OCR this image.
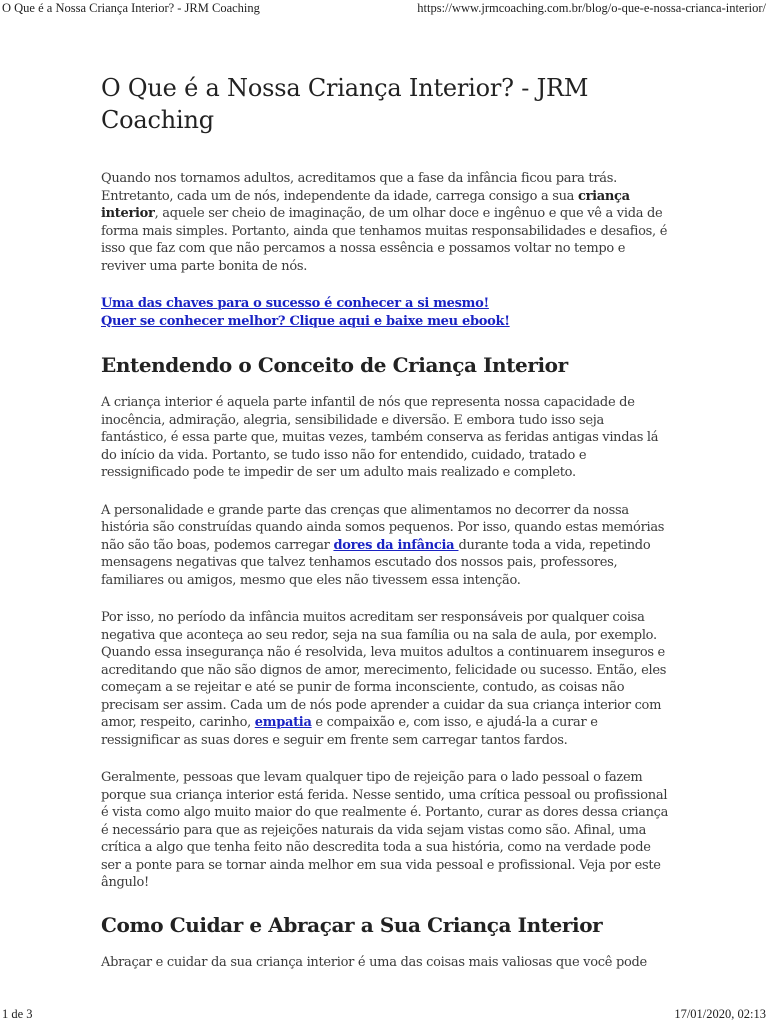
O Que é a Nossa Criança Interior? - JRM Coaching	https://www.jrmcoaching.com.br/blog/o-que-e-nossa-crianca-interior/
O Que é a Nossa Criança Interior? - JRM Coaching

Quando nos tornamos adultos, acreditamos que a fase da infância ficou para trás. Entretanto, cada um de nós, independente da idade, carrega consigo a sua criança interior, aquele ser cheio de imaginação, de um olhar doce e ingênuo e que vê a vida de forma mais simples. Portanto, ainda que tenhamos muitas responsabilidades e desafios, é isso que faz com que não percamos a nossa essência e possamos voltar no tempo e reviver uma parte bonita de nós.

Uma das chaves para o sucesso é conhecer a si mesmo!
Quer se conhecer melhor? Clique aqui e baixe meu ebook!

Entendendo o Conceito de Criança Interior

A criança interior é aquela parte infantil de nós que representa nossa capacidade de inocência, admiração, alegria, sensibilidade e diversão. E embora tudo isso seja fantástico, é essa parte que, muitas vezes, também conserva as feridas antigas vindas lá do início da vida. Portanto, se tudo isso não for entendido, cuidado, tratado e ressignificado pode te impedir de ser um adulto mais realizado e completo.

A personalidade e grande parte das crenças que alimentamos no decorrer da nossa história são construídas quando ainda somos pequenos. Por isso, quando estas memórias não são tão boas, podemos carregar dores da infância durante toda a vida, repetindo mensagens negativas que talvez tenhamos escutado dos nossos pais, professores, familiares ou amigos, mesmo que eles não tivessem essa intenção.

Por isso, no período da infância muitos acreditam ser responsáveis por qualquer coisa negativa que aconteça ao seu redor, seja na sua família ou na sala de aula, por exemplo. Quando essa insegurança não é resolvida, leva muitos adultos a continuarem inseguros e acreditando que não são dignos de amor, merecimento, felicidade ou sucesso. Então, eles começam a se rejeitar e até se punir de forma inconsciente, contudo, as coisas não precisam ser assim. Cada um de nós pode aprender a cuidar da sua criança interior com amor, respeito, carinho, empatia e compaixão e, com isso, e ajudá-la a curar e ressignificar as suas dores e seguir em frente sem carregar tantos fardos.

Geralmente, pessoas que levam qualquer tipo de rejeição para o lado pessoal o fazem porque sua criança interior está ferida. Nesse sentido, uma crítica pessoal ou profissional é vista como algo muito maior do que realmente é. Portanto, curar as dores dessa criança é necessário para que as rejeições naturais da vida sejam vistas como são. Afinal, uma crítica a algo que tenha feito não descredita toda a sua história, como na verdade pode ser a ponte para se tornar ainda melhor em sua vida pessoal e profissional. Veja por este ângulo!

Como Cuidar e Abraçar a Sua Criança Interior

Abraçar e cuidar da sua criança interior é uma das coisas mais valiosas que você pode

1 de 3	17/01/2020, 02:13
